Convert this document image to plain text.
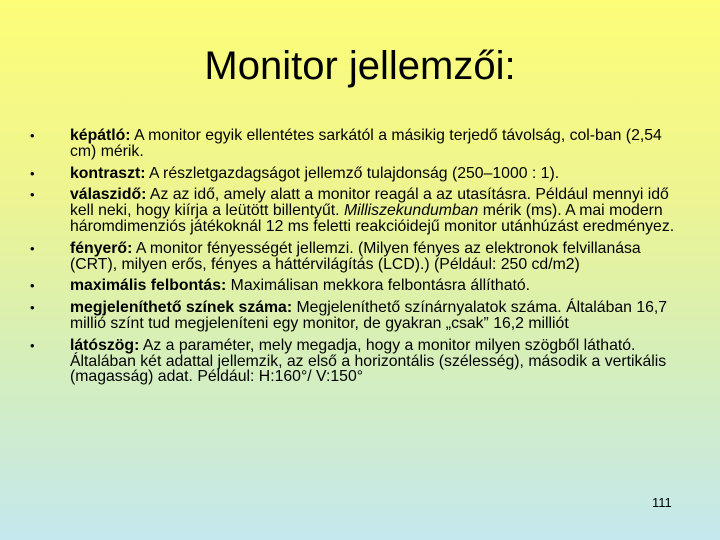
Monitor jellemzői:
•	képátló: A monitor egyik ellentétes sarkától a másikig terjedő távolság, col-ban (2,54 cm) mérik.
•	kontraszt: A részletgazdagságot jellemző tulajdonság (250–1000 : 1).
•	válaszidő: Az az idő, amely alatt a monitor reagál a az utasításra. Például mennyi idő kell neki, hogy kiírja a leütött billentyűt. Milliszekundumban mérik (ms). A mai modern háromdimenziós játékoknál 12 ms feletti reakcióidejű monitor utánhúzást eredményez.
•	fényerő: A monitor fényességét jellemzi. (Milyen fényes az elektronok felvillanása (CRT), milyen erős, fényes a háttérvilágítás (LCD).) (Például: 250 cd/m2)
•	maximális felbontás: Maximálisan mekkora felbontásra állítható.
•	megjeleníthető színek száma: Megjeleníthető színárnyalatok száma. Általában 16,7 millió színt tud megjeleníteni egy monitor, de gyakran „csak” 16,2 milliót
•	látószög: Az a paraméter, mely megadja, hogy a monitor milyen szögből látható. Általában két adattal jellemzik, az első a horizontális (szélesség), második a vertikális (magasság) adat. Például: H:160°/ V:150°
111
